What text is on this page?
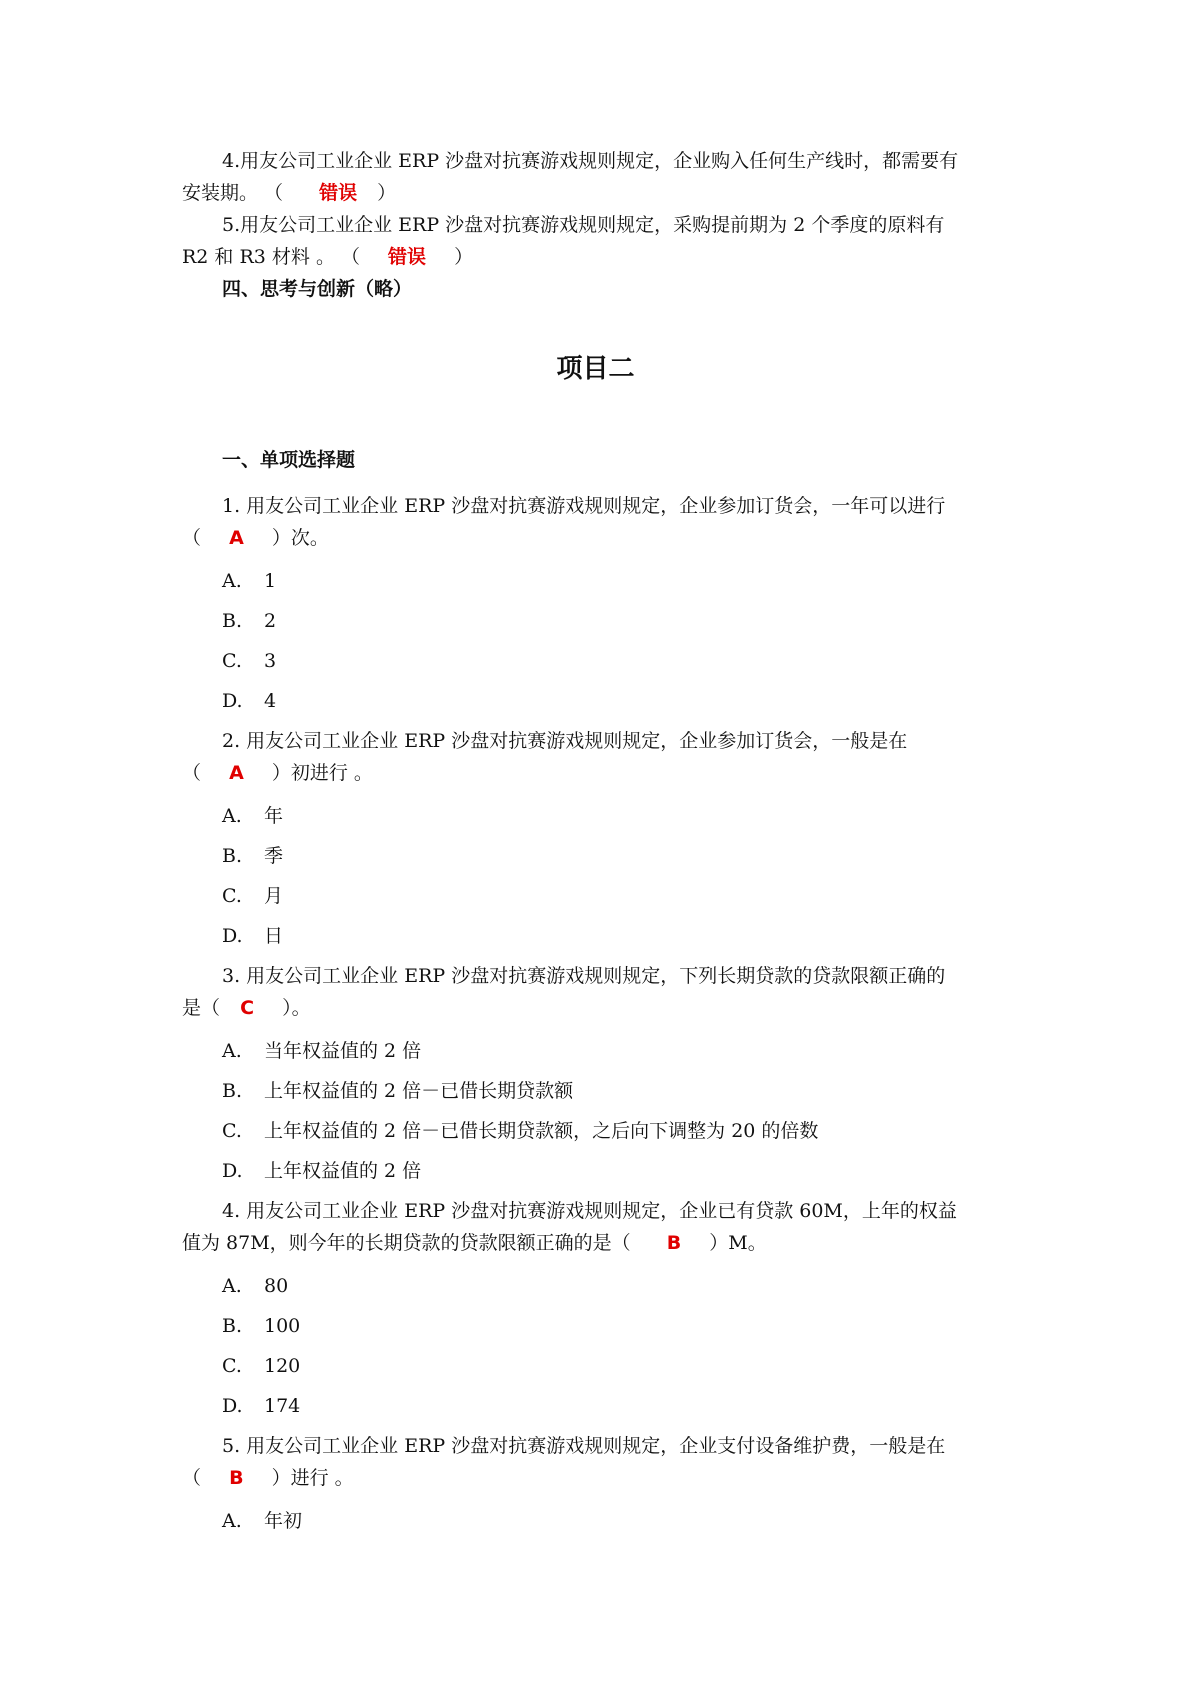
4.用友公司工业企业 ERP 沙盘对抗赛游戏规则规定，企业购入任何生产线时，都需要有
安装期。 （ 错误 ）
5.用友公司工业企业 ERP 沙盘对抗赛游戏规则规定，采购提前期为 2 个季度的原料有
R2 和 R3 材料 。 （ 错误 ）
四、思考与创新（略）
项目二
一、单项选择题
1. 用友公司工业企业 ERP 沙盘对抗赛游戏规则规定，企业参加订货会，一年可以进行
（ A ）次。
A. 1
B. 2
C. 3
D. 4
2. 用友公司工业企业 ERP 沙盘对抗赛游戏规则规定，企业参加订货会，一般是在
（ A ）初进行 。
A. 年
B. 季
C. 月
D. 日
3. 用友公司工业企业 ERP 沙盘对抗赛游戏规则规定，下列长期贷款的贷款限额正确的
是（ C ）。
A. 当年权益值的 2 倍
B. 上年权益值的 2 倍－已借长期贷款额
C. 上年权益值的 2 倍－已借长期贷款额，之后向下调整为 20 的倍数
D. 上年权益值的 2 倍
4. 用友公司工业企业 ERP 沙盘对抗赛游戏规则规定，企业已有贷款 60M，上年的权益
值为 87M，则今年的长期贷款的贷款限额正确的是（ B ）M。
A. 80
B. 100
C. 120
D. 174
5. 用友公司工业企业 ERP 沙盘对抗赛游戏规则规定，企业支付设备维护费，一般是在
（ B ）进行 。
A. 年初
